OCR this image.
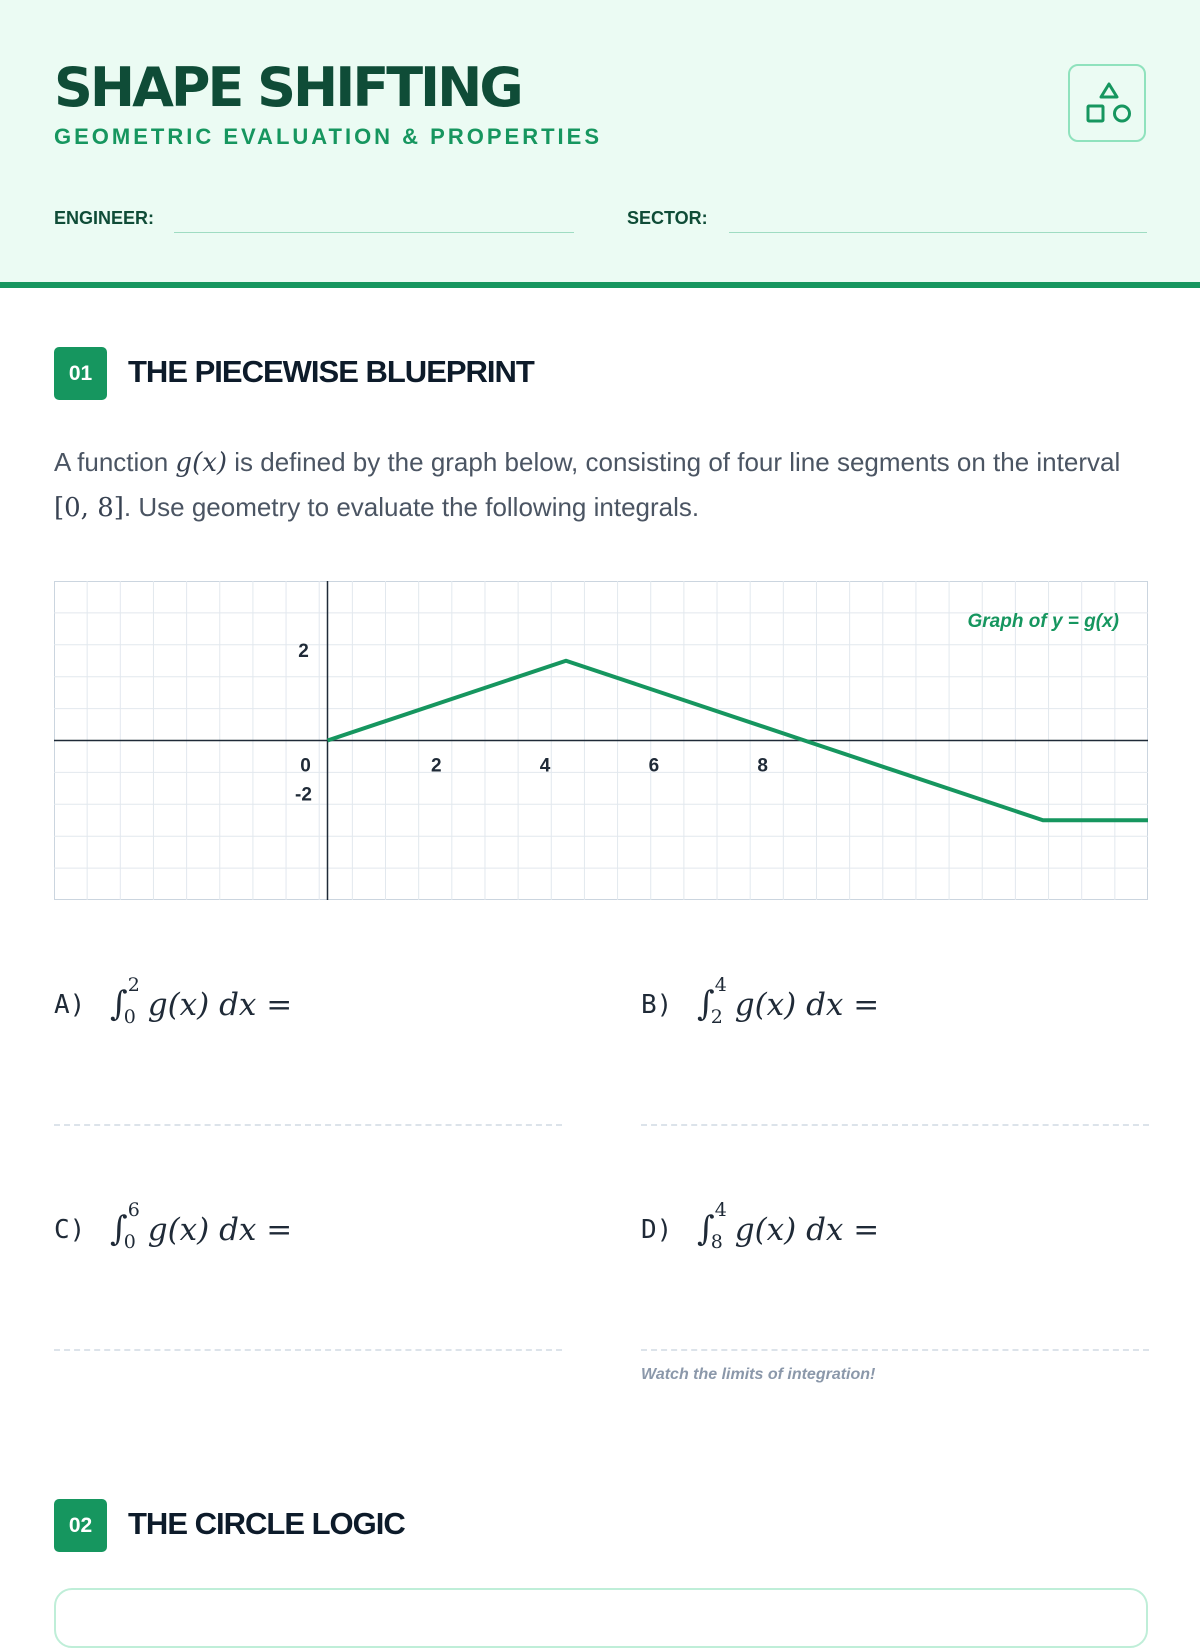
SHAPE SHIFTING
GEOMETRIC EVALUATION & PROPERTIES
ENGINEER:	SECTOR:
01	THE PIECEWISE BLUEPRINT

A function g(x) is defined by the graph below, consisting of four line segments on the interval [0, 8]. Use geometry to evaluate the following integrals.

0	2	4	6	8
2
-2
Graph of y = g(x)
A) ∫ 2
0 g(x) dx =	B) ∫ 4
2 g(x) dx =
C) ∫ 6
0 g(x) dx =	D) ∫ 4
8 g(x) dx =
Watch the limits of integration!
02	THE CIRCLE LOGIC
